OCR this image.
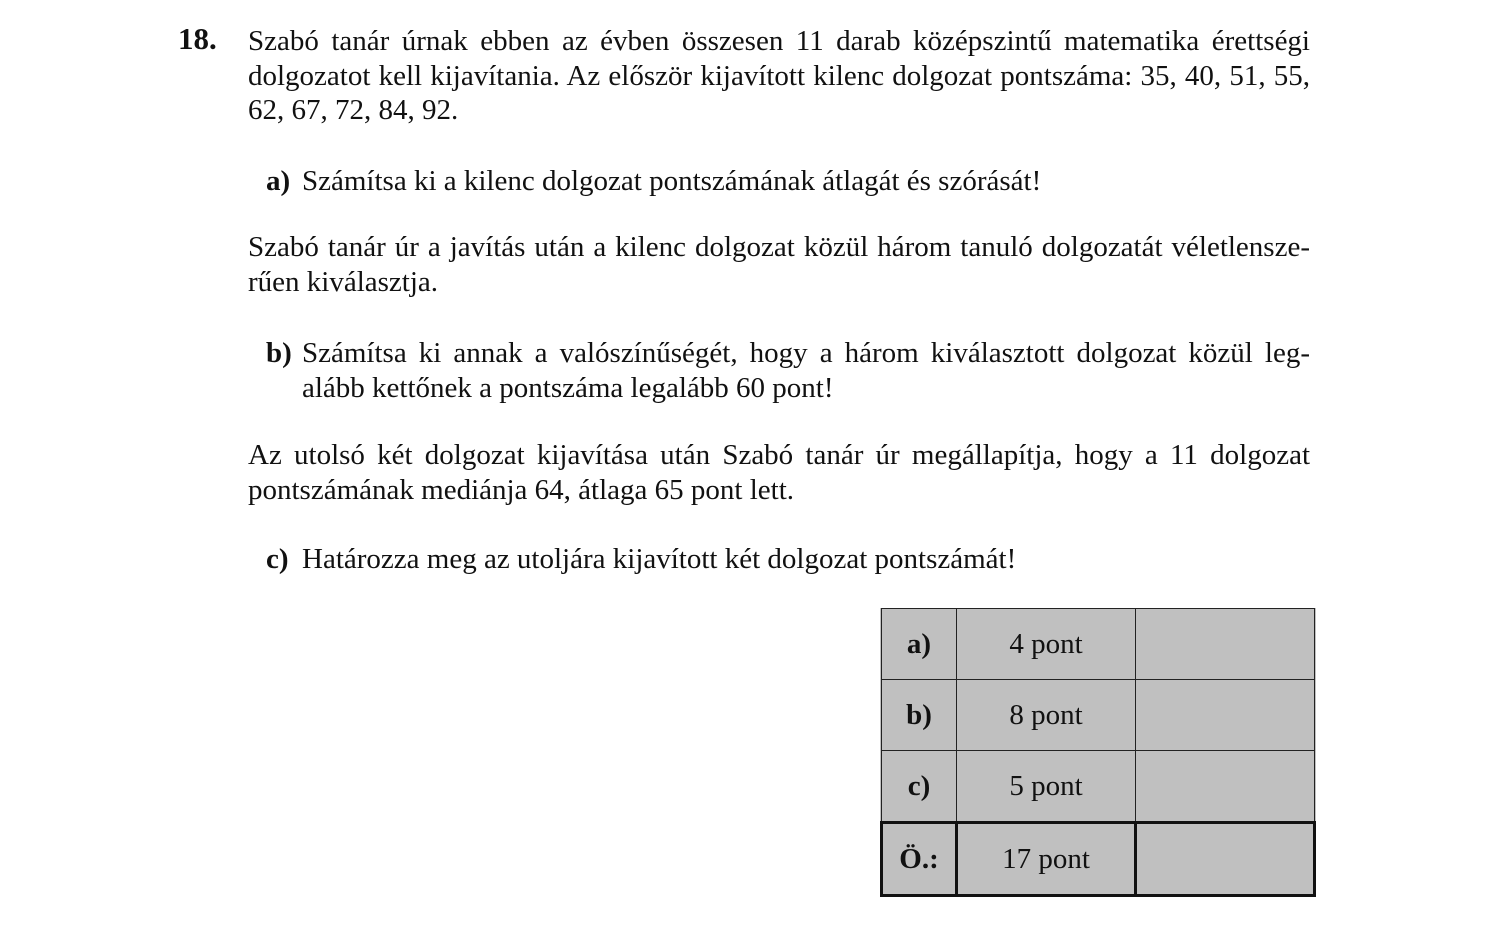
18. Szabó tanár úrnak ebben az évben összesen 11 darab középszintű matematika érettségi dolgozatot kell kijavítania. Az először kijavított kilenc dolgozat pontszáma: 35, 40, 51, 55, 62, 67, 72, 84, 92.

a) Számítsa ki a kilenc dolgozat pontszámának átlagát és szórását!

Szabó tanár úr a javítás után a kilenc dolgozat közül három tanuló dolgozatát véletlensze-rűen kiválasztja.

b) Számítsa ki annak a valószínűségét, hogy a három kiválasztott dolgozat közül leg-alább kettőnek a pontszáma legalább 60 pont!

Az utolsó két dolgozat kijavítása után Szabó tanár úr megállapítja, hogy a 11 dolgozat pontszámának mediánja 64, átlaga 65 pont lett.

c) Határozza meg az utoljára kijavított két dolgozat pontszámát!
a)	4 pont	
b)	8 pont	
c)	5 pont	
Ö.:	17 pont	
